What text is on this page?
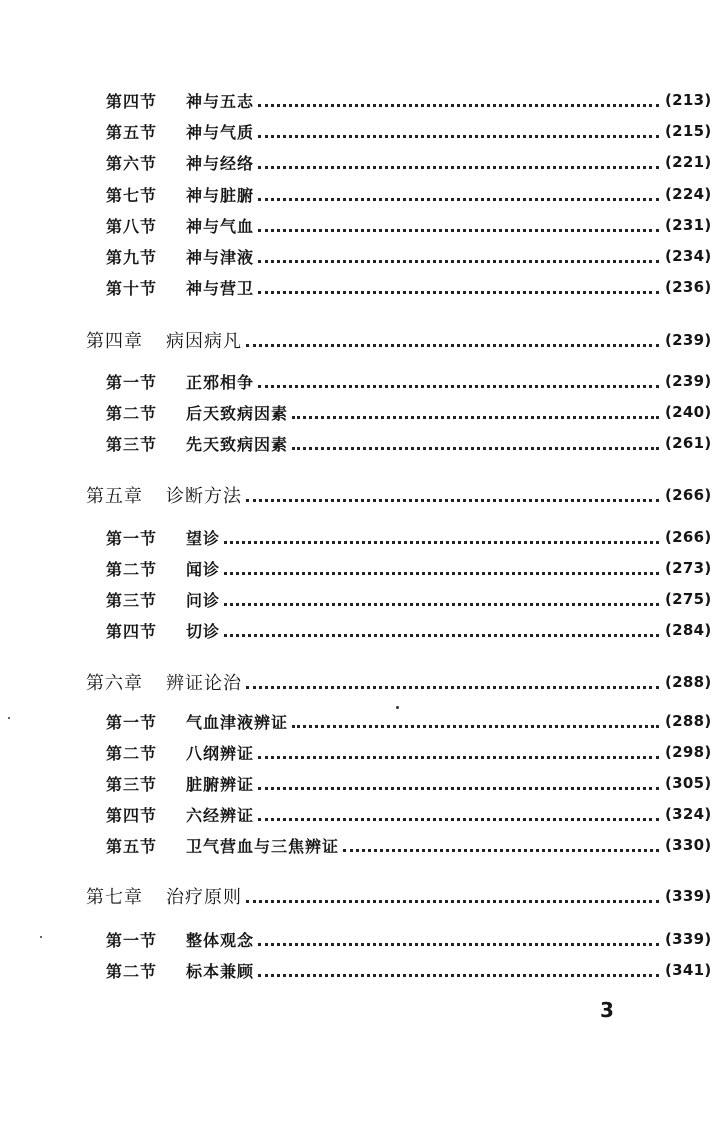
第四节 神与五志	(213)
第五节 神与气质	(215)
第六节 神与经络	(221)
第七节 神与脏腑	(224)
第八节 神与气血	(231)
第九节 神与津液	(234)
第十节 神与营卫	(236)
第四章 病因病凡	(239)
第一节 正邪相争	(239)
第二节 后天致病因素	(240)
第三节 先天致病因素	(261)
第五章 诊断方法	(266)
第一节 望诊	(266)
第二节 闻诊	(273)
第三节 问诊	(275)
第四节 切诊	(284)
第六章 辨证论治	(288)
第一节 气血津液辨证	(288)
第二节 八纲辨证	(298)
第三节 脏腑辨证	(305)
第四节 六经辨证	(324)
第五节 卫气营血与三焦辨证	(330)
第七章 治疗原则	(339)
第一节 整体观念	(339)
第二节 标本兼顾	(341)
3
